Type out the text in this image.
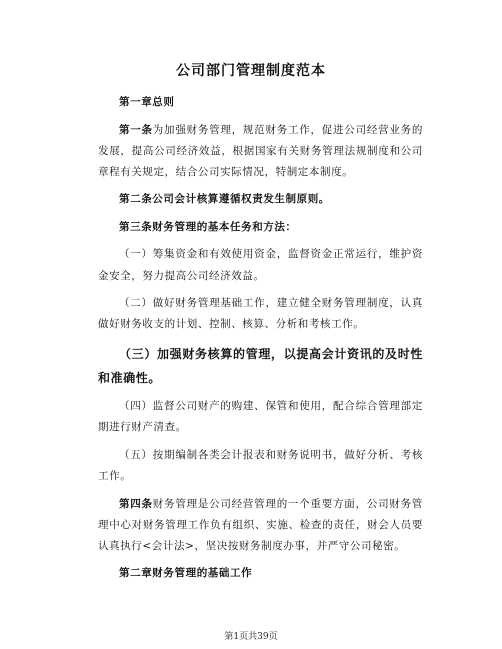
公司部门管理制度范本

第一章总则

第一条为加强财务管理，规范财务工作，促进公司经营业务的发展，提高公司经济效益，根据国家有关财务管理法规制度和公司章程有关规定，结合公司实际情况，特制定本制度。

第二条公司会计核算遵循权责发生制原则。

第三条财务管理的基本任务和方法：

（一）筹集资金和有效使用资金，监督资金正常运行，维护资金安全，努力提高公司经济效益。

（二）做好财务管理基础工作，建立健全财务管理制度，认真做好财务收支的计划、控制、核算、分析和考核工作。

（三）加强财务核算的管理，以提高会计资讯的及时性和准确性。

（四）监督公司财产的购建、保管和使用，配合综合管理部定期进行财产清查。

（五）按期编制各类会计报表和财务说明书，做好分析、考核工作。

第四条财务管理是公司经营管理的一个重要方面，公司财务管理中心对财务管理工作负有组织、实施、检查的责任，财会人员要认真执行<会计法>，坚决按财务制度办事，并严守公司秘密。

第二章财务管理的基础工作

第1页共39页
